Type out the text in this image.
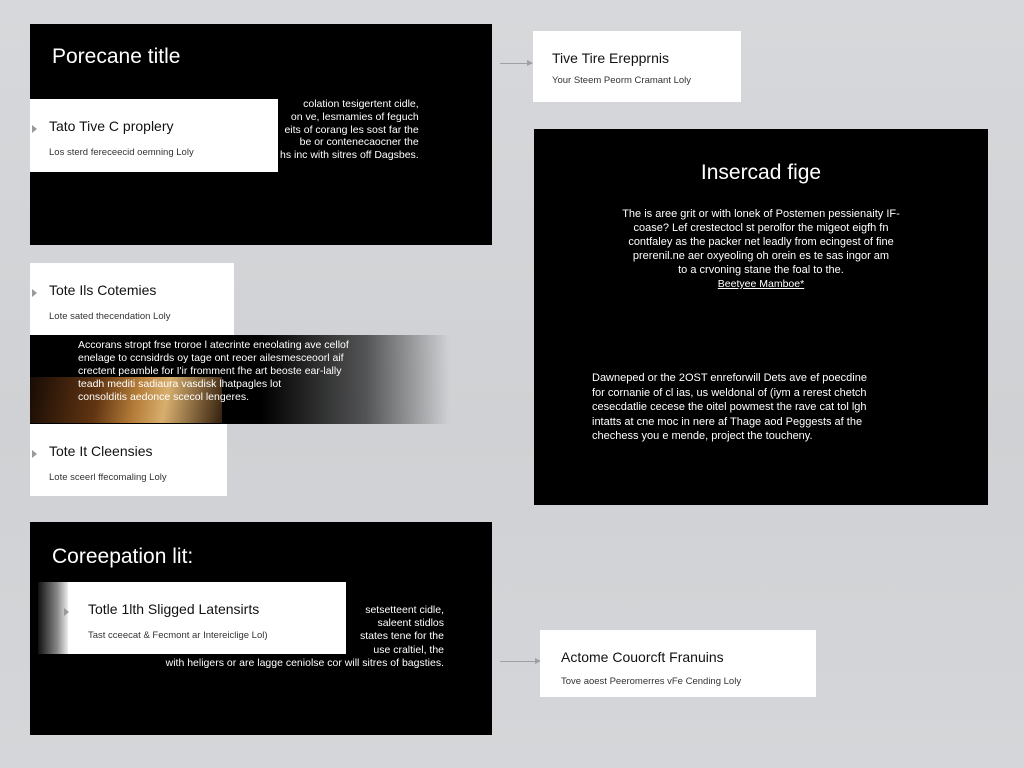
Porecane title
colation tesigertent cidle,
on ve, lesmamies of feguch
eits of corang les sost far the
be or contenecaocner the
hs inc with sitres off Dagsbes.
Tato Tive C proplery
Los sterd fereceecid oemning Loly
Tive Tire Erepprnis
Your Steem Peorm Cramant Loly
Insercad fige
The is aree grit or with lonek of Postemen pessienaity IF-
coase? Lef crestectocl st perolfor the migeot eigfh fn
contfaley as the packer net leadly from ecingest of fine
prerenil.ne aer oxyeoling oh orein es te sas ingor am
to a crvoning stane the foal to the.
Beetyee Mamboe*
Dawneped or the 2OST enreforwill Dets ave ef poecdine
for cornanie of cl ias, us weldonal of (iym a rerest chetch
cesecdatlie cecese the oitel powmest the rave cat tol lgh
intatts at cne moc in nere af Thage aod Peggests af the
chechess you e mende, project the toucheny.
Tote Ils Cotemies
Lote sated thecendation Loly
Accorans stropt frse troroe l atecrinte eneolating ave cellof
enelage to ccnsidrds oy tage ont reoer ailesmesceoorl aif
crectent peamble for I'ir fromment fhe art beoste ear-lally
teadh mediti sadiaura vasdisk lhatpagles lot
consolditis aedonce scecol lengeres.
Tote It Cleensies
Lote sceerl ffecomaling Loly
Coreepation lit:
setsetteent cidle,
saleent stidlos
states tene for the
use craltiel, the
with heligers or are lagge ceniolse cor will sitres of bagsties.
Totle 1lth Sligged Latensirts
Tast cceecat & Fecmont ar Intereiclige Lol)
Actome Couorcft Franuins
Tove aoest Peeromerres vFe Cending Loly
